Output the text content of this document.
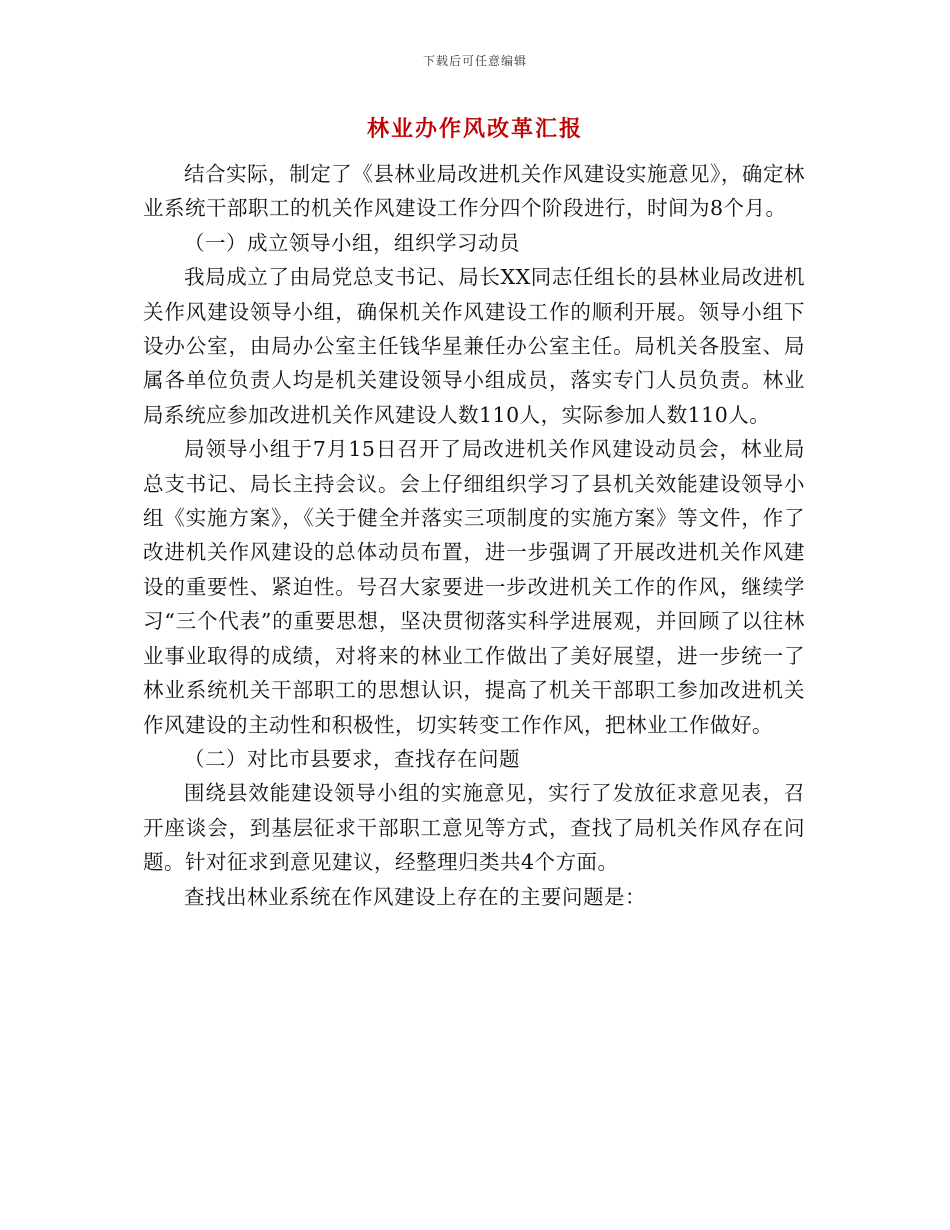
下载后可任意编辑
林业办作风改革汇报

结合实际，制定了《县林业局改进机关作风建设实施意见》，确定林业系统干部职工的机关作风建设工作分四个阶段进行，时间为8个月。

（一）成立领导小组，组织学习动员

我局成立了由局党总支书记、局长XX同志任组长的县林业局改进机关作风建设领导小组，确保机关作风建设工作的顺利开展。领导小组下设办公室，由局办公室主任钱华星兼任办公室主任。局机关各股室、局属各单位负责人均是机关建设领导小组成员，落实专门人员负责。林业局系统应参加改进机关作风建设人数110人，实际参加人数110人。

局领导小组于7月15日召开了局改进机关作风建设动员会，林业局总支书记、局长主持会议。会上仔细组织学习了县机关效能建设领导小组《实施方案》，《关于健全并落实三项制度的实施方案》等文件，作了改进机关作风建设的总体动员布置，进一步强调了开展改进机关作风建设的重要性、紧迫性。号召大家要进一步改进机关工作的作风，继续学习“三个代表”的重要思想，坚决贯彻落实科学进展观，并回顾了以往林业事业取得的成绩，对将来的林业工作做出了美好展望，进一步统一了林业系统机关干部职工的思想认识，提高了机关干部职工参加改进机关作风建设的主动性和积极性，切实转变工作作风，把林业工作做好。

（二）对比市县要求，查找存在问题

围绕县效能建设领导小组的实施意见，实行了发放征求意见表，召开座谈会，到基层征求干部职工意见等方式，查找了局机关作风存在问题。针对征求到意见建议，经整理归类共4个方面。

查找出林业系统在作风建设上存在的主要问题是：
